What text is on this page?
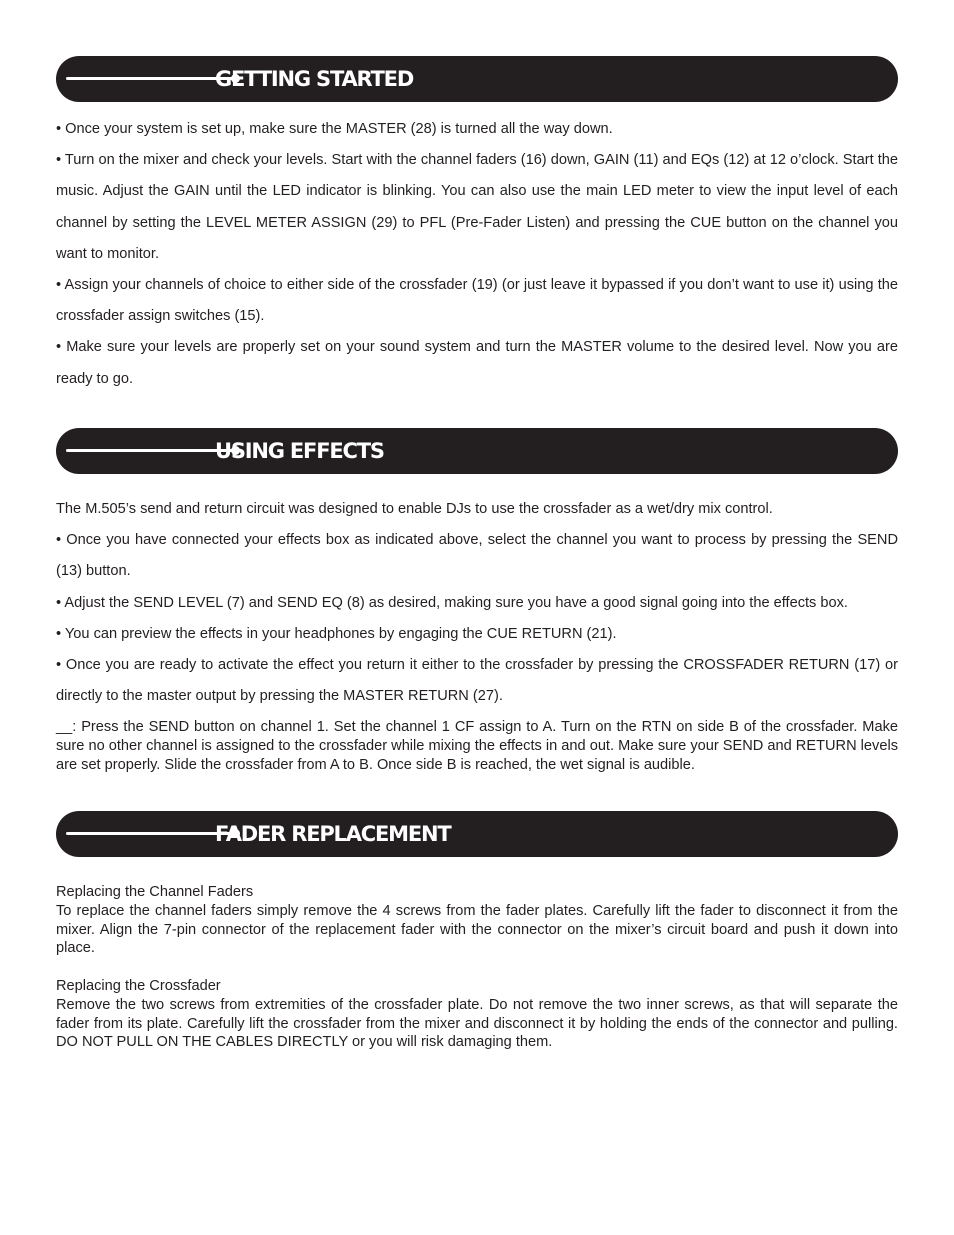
GETTING STARTED

• Once your system is set up, make sure the MASTER (28) is turned all the way down.

• Turn on the mixer and check your levels. Start with the channel faders (16) down, GAIN (11) and EQs (12) at 12 o’clock. Start the music. Adjust the GAIN until the LED indicator is blinking. You can also use the main LED meter to view the input level of each channel by setting the LEVEL METER ASSIGN (29) to PFL (Pre-Fader Listen) and pressing the CUE button on the channel you want to monitor.

• Assign your channels of choice to either side of the crossfader (19) (or just leave it bypassed if you don’t want to use it) using the crossfader assign switches (15).

• Make sure your levels are properly set on your sound system and turn the MASTER volume to the desired level. Now you are ready to go.

USING EFFECTS

The M.505’s send and return circuit was designed to enable DJs to use the crossfader as a wet/dry mix control.

• Once you have connected your effects box as indicated above, select the channel you want to process by pressing the SEND (13) button.

• Adjust the SEND LEVEL (7) and SEND EQ (8) as desired, making sure you have a good signal going into the effects box.

• You can preview the effects in your headphones by engaging the CUE RETURN (21).

• Once you are ready to activate the effect you return it either to the crossfader by pressing the CROSSFADER RETURN (17) or directly to the master output by pressing the MASTER RETURN (27).

__: Press the SEND button on channel 1. Set the channel 1 CF assign to A. Turn on the RTN on side B of the crossfader. Make sure no other channel is assigned to the crossfader while mixing the effects in and out. Make sure your SEND and RETURN levels are set properly. Slide the crossfader from A to B. Once side B is reached, the wet signal is audible.

FADER REPLACEMENT

Replacing the Channel Faders

To replace the channel faders simply remove the 4 screws from the fader plates. Carefully lift the fader to disconnect it from the mixer. Align the 7-pin connector of the replacement fader with the connector on the mixer’s circuit board and push it down into place.

Replacing the Crossfader

Remove the two screws from extremities of the crossfader plate. Do not remove the two inner screws, as that will separate the fader from its plate. Carefully lift the crossfader from the mixer and disconnect it by holding the ends of the connector and pulling. DO NOT PULL ON THE CABLES DIRECTLY or you will risk damaging them.
